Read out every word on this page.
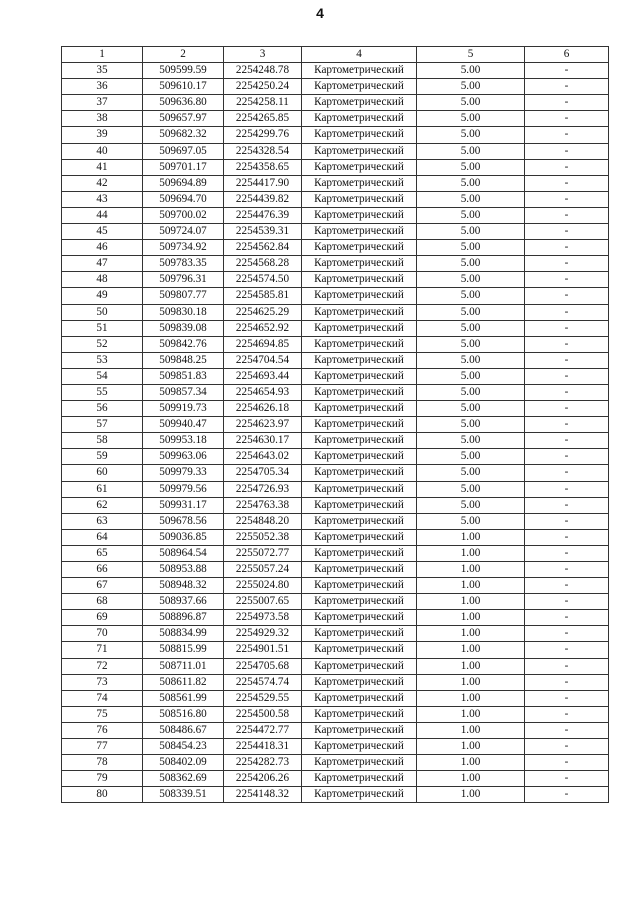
4
1	2	3	4	5	6
35	509599.59	2254248.78	Картометрический	5.00	-
36	509610.17	2254250.24	Картометрический	5.00	-
37	509636.80	2254258.11	Картометрический	5.00	-
38	509657.97	2254265.85	Картометрический	5.00	-
39	509682.32	2254299.76	Картометрический	5.00	-
40	509697.05	2254328.54	Картометрический	5.00	-
41	509701.17	2254358.65	Картометрический	5.00	-
42	509694.89	2254417.90	Картометрический	5.00	-
43	509694.70	2254439.82	Картометрический	5.00	-
44	509700.02	2254476.39	Картометрический	5.00	-
45	509724.07	2254539.31	Картометрический	5.00	-
46	509734.92	2254562.84	Картометрический	5.00	-
47	509783.35	2254568.28	Картометрический	5.00	-
48	509796.31	2254574.50	Картометрический	5.00	-
49	509807.77	2254585.81	Картометрический	5.00	-
50	509830.18	2254625.29	Картометрический	5.00	-
51	509839.08	2254652.92	Картометрический	5.00	-
52	509842.76	2254694.85	Картометрический	5.00	-
53	509848.25	2254704.54	Картометрический	5.00	-
54	509851.83	2254693.44	Картометрический	5.00	-
55	509857.34	2254654.93	Картометрический	5.00	-
56	509919.73	2254626.18	Картометрический	5.00	-
57	509940.47	2254623.97	Картометрический	5.00	-
58	509953.18	2254630.17	Картометрический	5.00	-
59	509963.06	2254643.02	Картометрический	5.00	-
60	509979.33	2254705.34	Картометрический	5.00	-
61	509979.56	2254726.93	Картометрический	5.00	-
62	509931.17	2254763.38	Картометрический	5.00	-
63	509678.56	2254848.20	Картометрический	5.00	-
64	509036.85	2255052.38	Картометрический	1.00	-
65	508964.54	2255072.77	Картометрический	1.00	-
66	508953.88	2255057.24	Картометрический	1.00	-
67	508948.32	2255024.80	Картометрический	1.00	-
68	508937.66	2255007.65	Картометрический	1.00	-
69	508896.87	2254973.58	Картометрический	1.00	-
70	508834.99	2254929.32	Картометрический	1.00	-
71	508815.99	2254901.51	Картометрический	1.00	-
72	508711.01	2254705.68	Картометрический	1.00	-
73	508611.82	2254574.74	Картометрический	1.00	-
74	508561.99	2254529.55	Картометрический	1.00	-
75	508516.80	2254500.58	Картометрический	1.00	-
76	508486.67	2254472.77	Картометрический	1.00	-
77	508454.23	2254418.31	Картометрический	1.00	-
78	508402.09	2254282.73	Картометрический	1.00	-
79	508362.69	2254206.26	Картометрический	1.00	-
80	508339.51	2254148.32	Картометрический	1.00	-
